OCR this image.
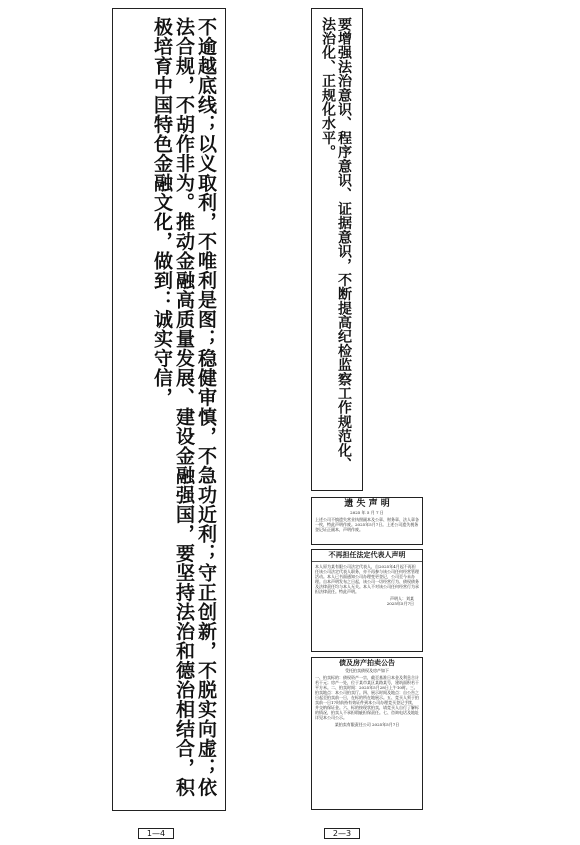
不逾越底线；以义取利，不唯利是图；稳健审慎，不急功近利；守正创新，不脱实向虚；依法合规，不胡作非为。推动金融高质量发展、建设金融强国，要坚持法治和德治相结合，积极培育中国特色金融文化，做到：诚实守信，	要增强法治意识、程序意识、证据意识，不断提高纪检监察工作规范化、法治化、正规化水平。
遗 失 声 明
2025 年 5 月 7 日
上述公司不慎遗失营业执照副本及公章、财务章、法人章各一枚，特此声明作废。2025年5月7日。上述公司遗失税务登记证正副本，声明作废。
不再担任法定代表人声明
本人原为某有限公司法定代表人，自2025年4月起不再担任该公司法定代表人职务，亦不再参与该公司任何经营管理活动。本人已书面通知公司办理变更登记，公司至今未办理。自本声明发布之日起，该公司一切经营行为、债权债务及法律责任均与本人无关。本人不对该公司任何经营行为承担法律责任。特此声明。
声明人：刘某
2025年5月7日
债及房产拍卖公告
受托拍卖债权及房产如下
一、拍卖标的：债权资产一宗，截至基准日本金及利息合计若干元；房产一处，位于某市某区某路某号，建筑面积若干平方米。二、拍卖时间：2025年5月28日上午10时。三、拍卖地点：本公司拍卖厅。四、展示时间及地点：自公告之日起至拍卖前一日，在标的所在地展示。五、竞买人须于拍卖前一日17时前持有效证件到本公司办理竞买登记手续，并交纳保证金。六、标的按现状拍卖，请竞买人自行了解标的情况，拍卖人不承担瑕疵担保责任。七、咨询电话及地址详见本公司公示。
某拍卖有限责任公司 2025年5月7日
1—4	2—3
